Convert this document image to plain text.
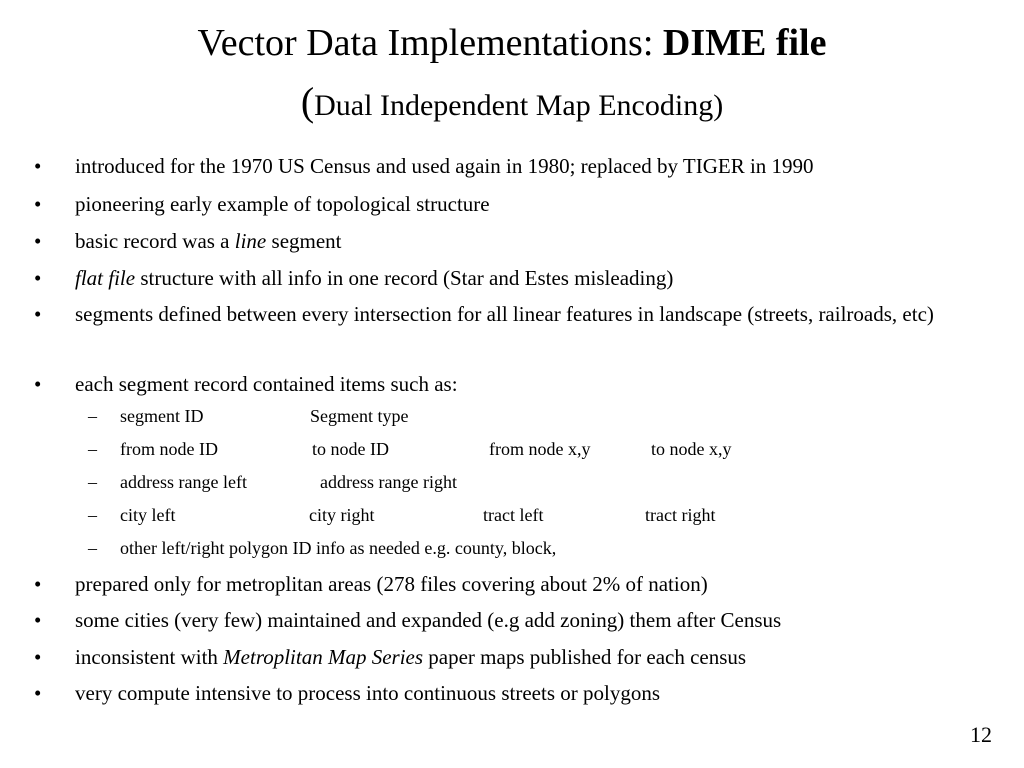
Vector Data Implementations: DIME file
(Dual Independent Map Encoding)
• introduced for the 1970 US Census and used again in 1980; replaced by TIGER in 1990
• pioneering early example of topological structure
• basic record was a line segment
• flat file structure with all info in one record (Star and Estes misleading)
• segments defined between every intersection for all linear features in landscape (streets, railroads, etc)
• each segment record contained items such as:
– segment ID	Segment type
– from node ID	to node ID	from node x,y	to node x,y
– address range left	address range right
– city left	city right	tract left	tract right
– other left/right polygon ID info as needed e.g. county, block,
• prepared only for metroplitan areas (278 files covering about 2% of nation)
• some cities (very few) maintained and expanded (e.g add zoning) them after Census
• inconsistent with Metroplitan Map Series paper maps published for each census
• very compute intensive to process into continuous streets or polygons
12
